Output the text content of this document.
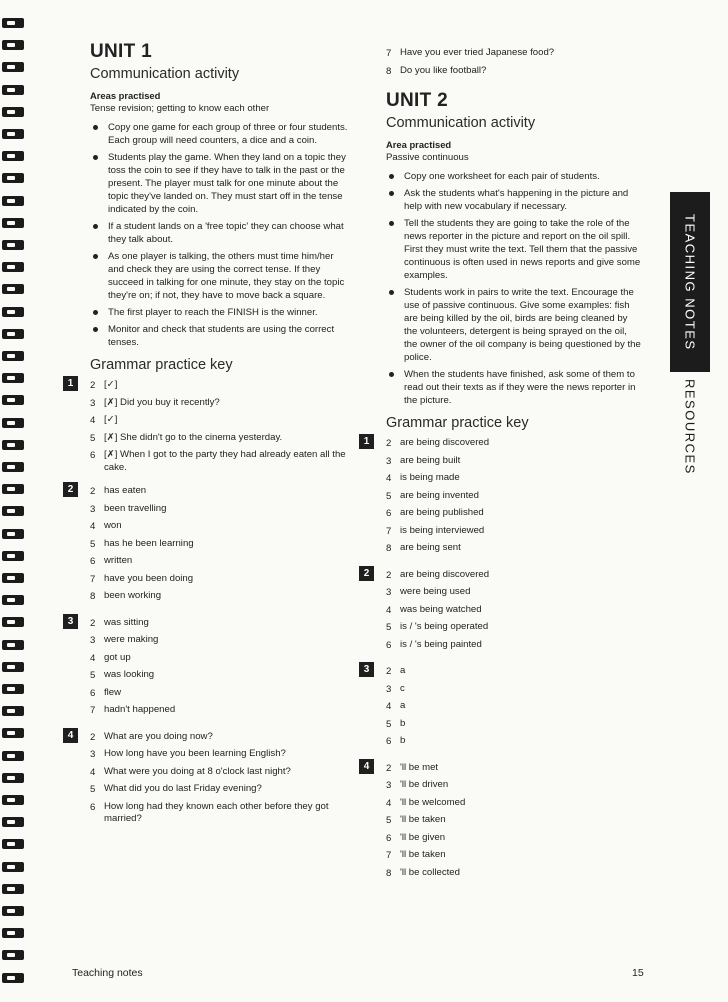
UNIT 1
Communication activity
Areas practised
Tense revision; getting to know each other
Copy one game for each group of three or four students. Each group will need counters, a dice and a coin.
Students play the game. When they land on a topic they toss the coin to see if they have to talk in the past or the present. The player must talk for one minute about the topic they've landed on. They must start off in the tense indicated by the coin.
If a student lands on a 'free topic' they can choose what they talk about.
As one player is talking, the others must time him/her and check they are using the correct tense. If they succeed in talking for one minute, they stay on the topic they're on; if not, they have to move back a square.
The first player to reach the FINISH is the winner.
Monitor and check that students are using the correct tenses.
Grammar practice key
1	2 [✓]
3 [✗] Did you buy it recently?
4 [✓]
5 [✗] She didn't go to the cinema yesterday.
6 [✗] When I got to the party they had already eaten all the cake.
2	2 has eaten
3 been travelling
4 won
5 has he been learning
6 written
7 have you been doing
8 been working
3	2 was sitting
3 were making
4 got up
5 was looking
6 flew
7 hadn't happened
4	2 What are you doing now?
3 How long have you been learning English?
4 What were you doing at 8 o'clock last night?
5 What did you do last Friday evening?
6 How long had they known each other before they got married?
7 Have you ever tried Japanese food?
8 Do you like football?
UNIT 2
Communication activity
Area practised
Passive continuous
Copy one worksheet for each pair of students.
Ask the students what's happening in the picture and help with new vocabulary if necessary.
Tell the students they are going to take the role of the news reporter in the picture and report on the oil spill. First they must write the text. Tell them that the passive continuous is often used in news reports and give some examples.
Students work in pairs to write the text. Encourage the use of passive continuous. Give some examples: fish are being killed by the oil, birds are being cleaned by the volunteers, detergent is being sprayed on the oil, the owner of the oil company is being questioned by the police.
When the students have finished, ask some of them to read out their texts as if they were the news reporter in the picture.
Grammar practice key
1	2 are being discovered
3 are being built
4 is being made
5 are being invented
6 are being published
7 is being interviewed
8 are being sent
2	2 are being discovered
3 were being used
4 was being watched
5 is / 's being operated
6 is / 's being painted
3	2 a
3 c
4 a
5 b
6 b
4	2 'll be met
3 'll be driven
4 'll be welcomed
5 'll be taken
6 'll be given
7 'll be taken
8 'll be collected
TEACHING NOTES
RESOURCES
Teaching notes	15
